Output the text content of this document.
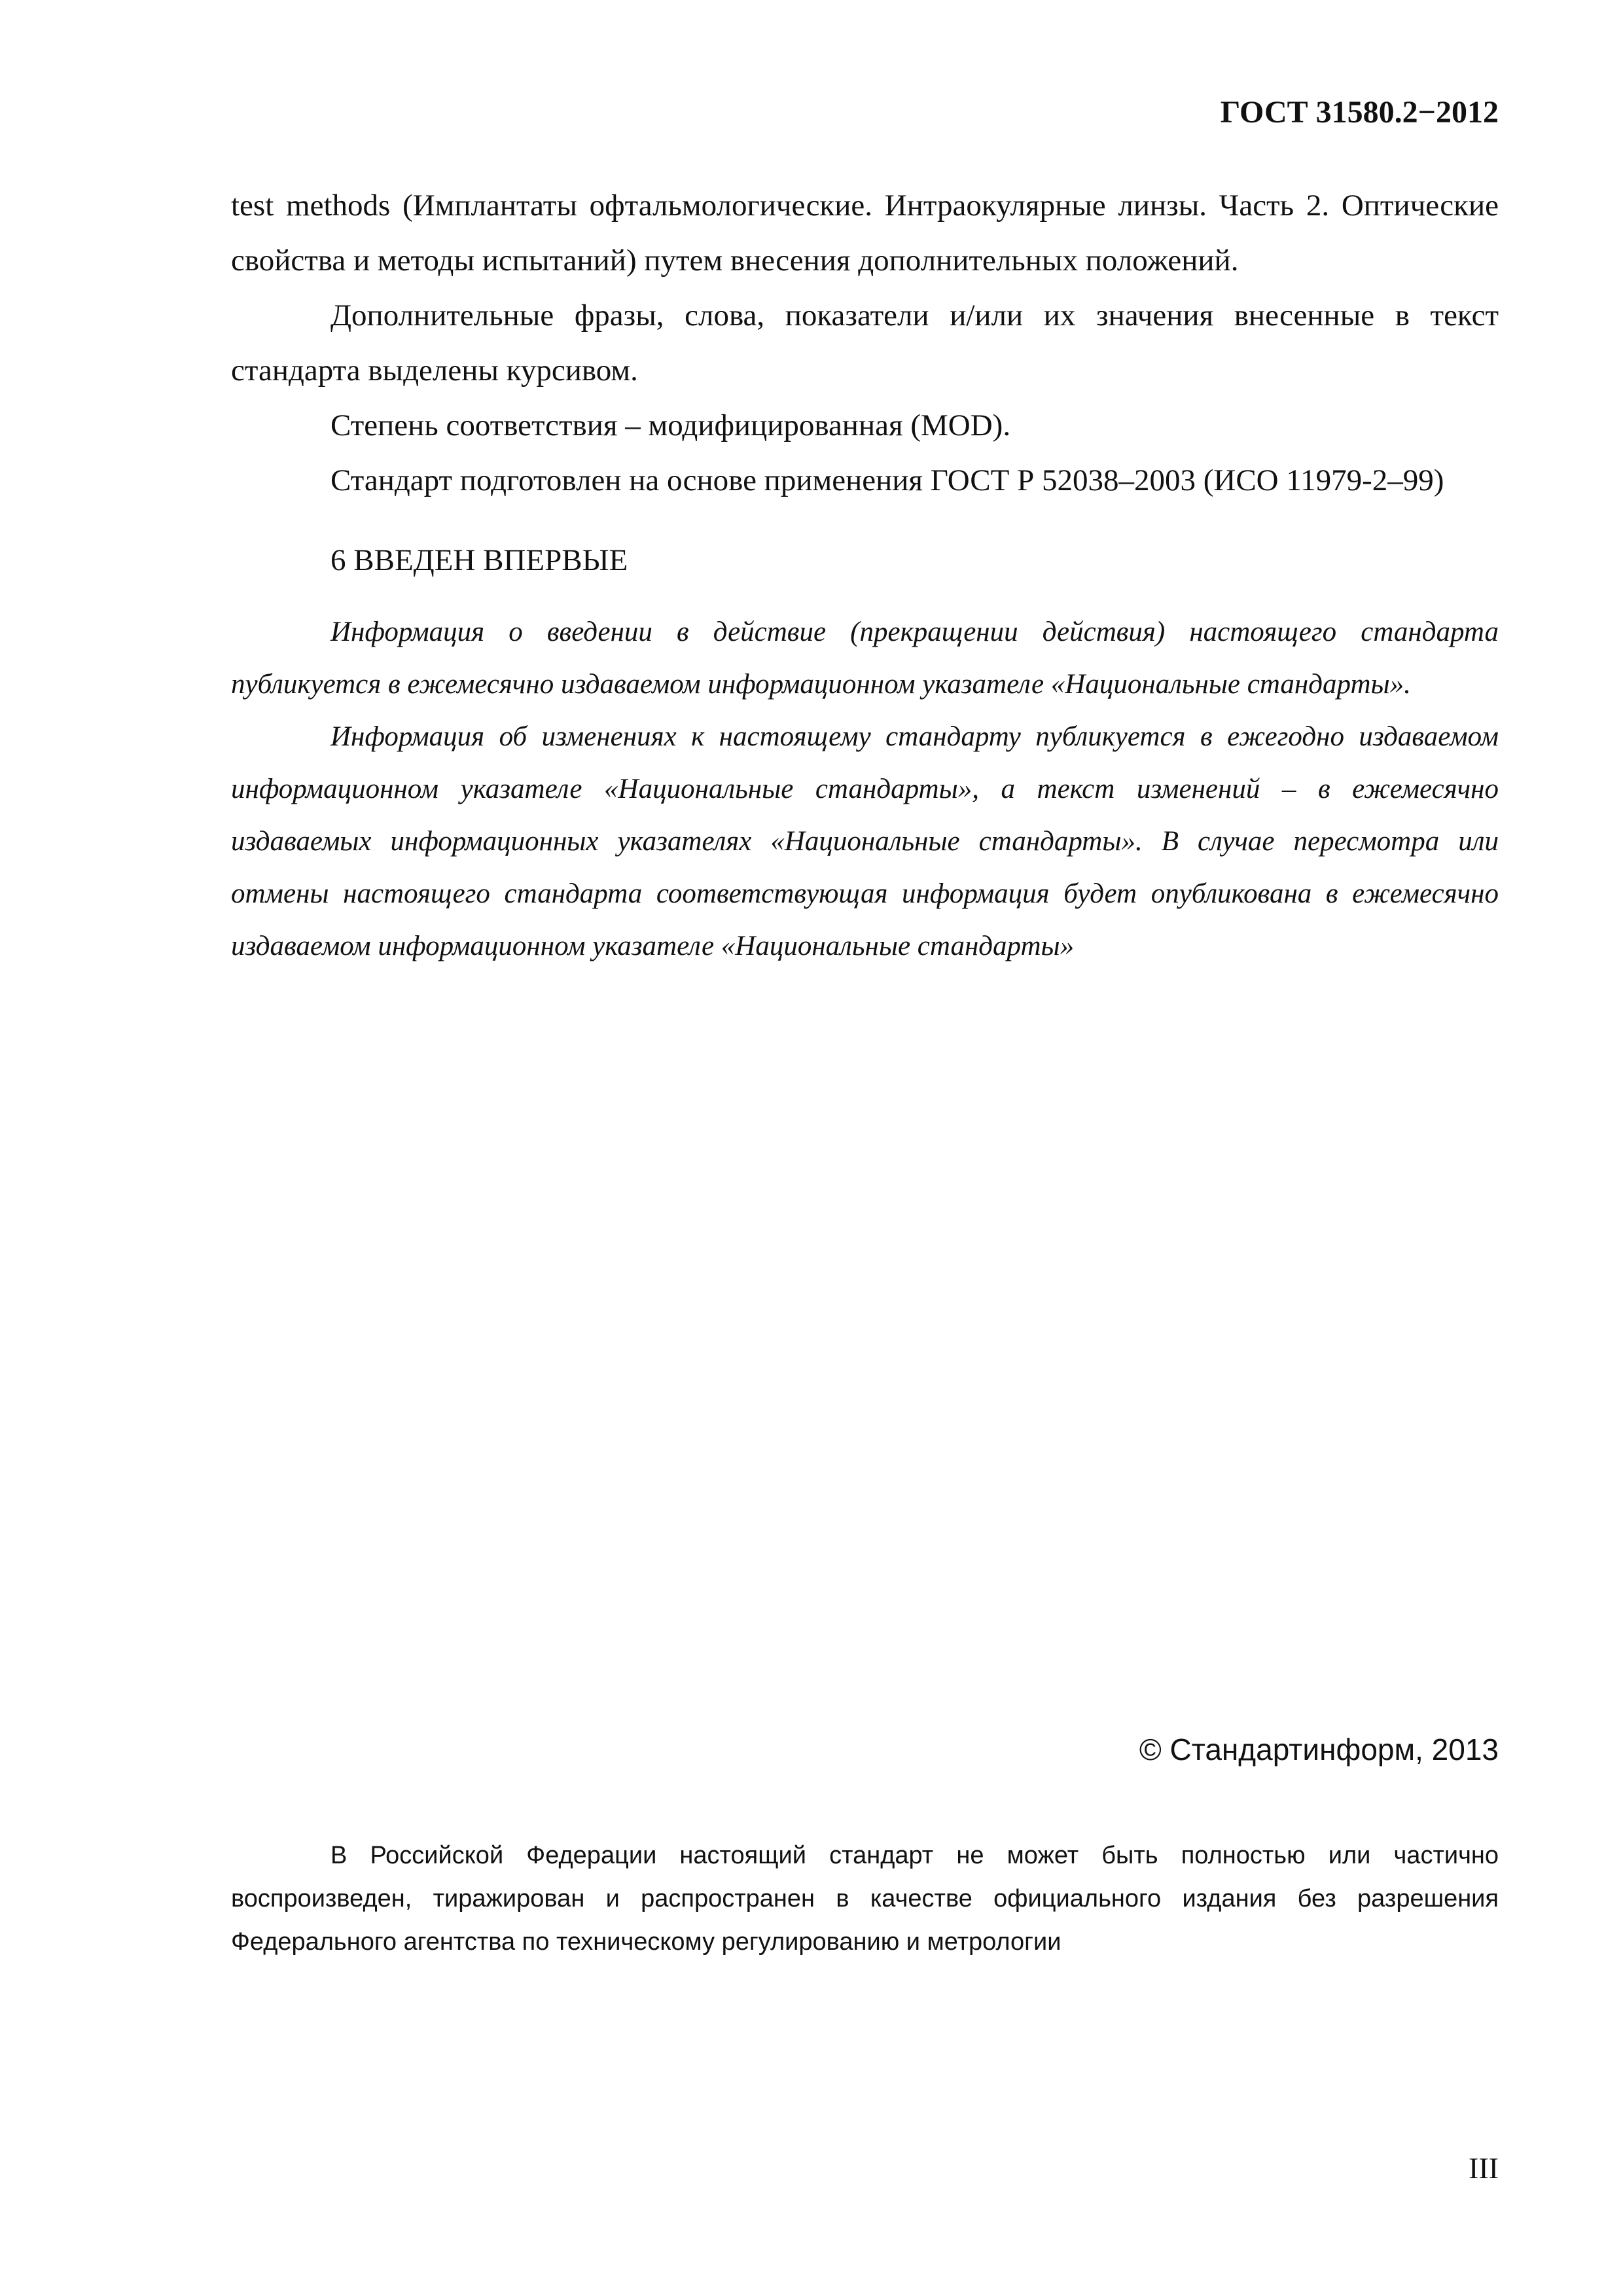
ГОСТ 31580.2−2012

test methods (Имплантаты офтальмологические. Интраокулярные линзы. Часть 2. Оптические свойства и методы испытаний) путем внесения дополнительных положений.

Дополнительные фразы, слова, показатели и/или их значения внесенные в текст стандарта выделены курсивом.

Степень соответствия – модифицированная (MOD).

Стандарт подготовлен на основе применения ГОСТ Р 52038–2003 (ИСО 11979-2–99)

6 ВВЕДЕН ВПЕРВЫЕ

Информация о введении в действие (прекращении действия) настоящего стандарта публикуется в ежемесячно издаваемом информационном указателе «Национальные стандарты».

Информация об изменениях к настоящему стандарту публикуется в ежегодно издаваемом информационном указателе «Национальные стандарты», а текст изменений – в ежемесячно издаваемых информационных указателях «Национальные стандарты». В случае пересмотра или отмены настоящего стандарта соответствующая информация будет опубликована в ежемесячно издаваемом информационном указателе «Национальные стандарты»

© Стандартинформ, 2013

В Российской Федерации настоящий стандарт не может быть полностью или частично воспроизведен, тиражирован и распространен в качестве официального издания без разрешения Федерального агентства по техническому регулированию и метрологии

III
